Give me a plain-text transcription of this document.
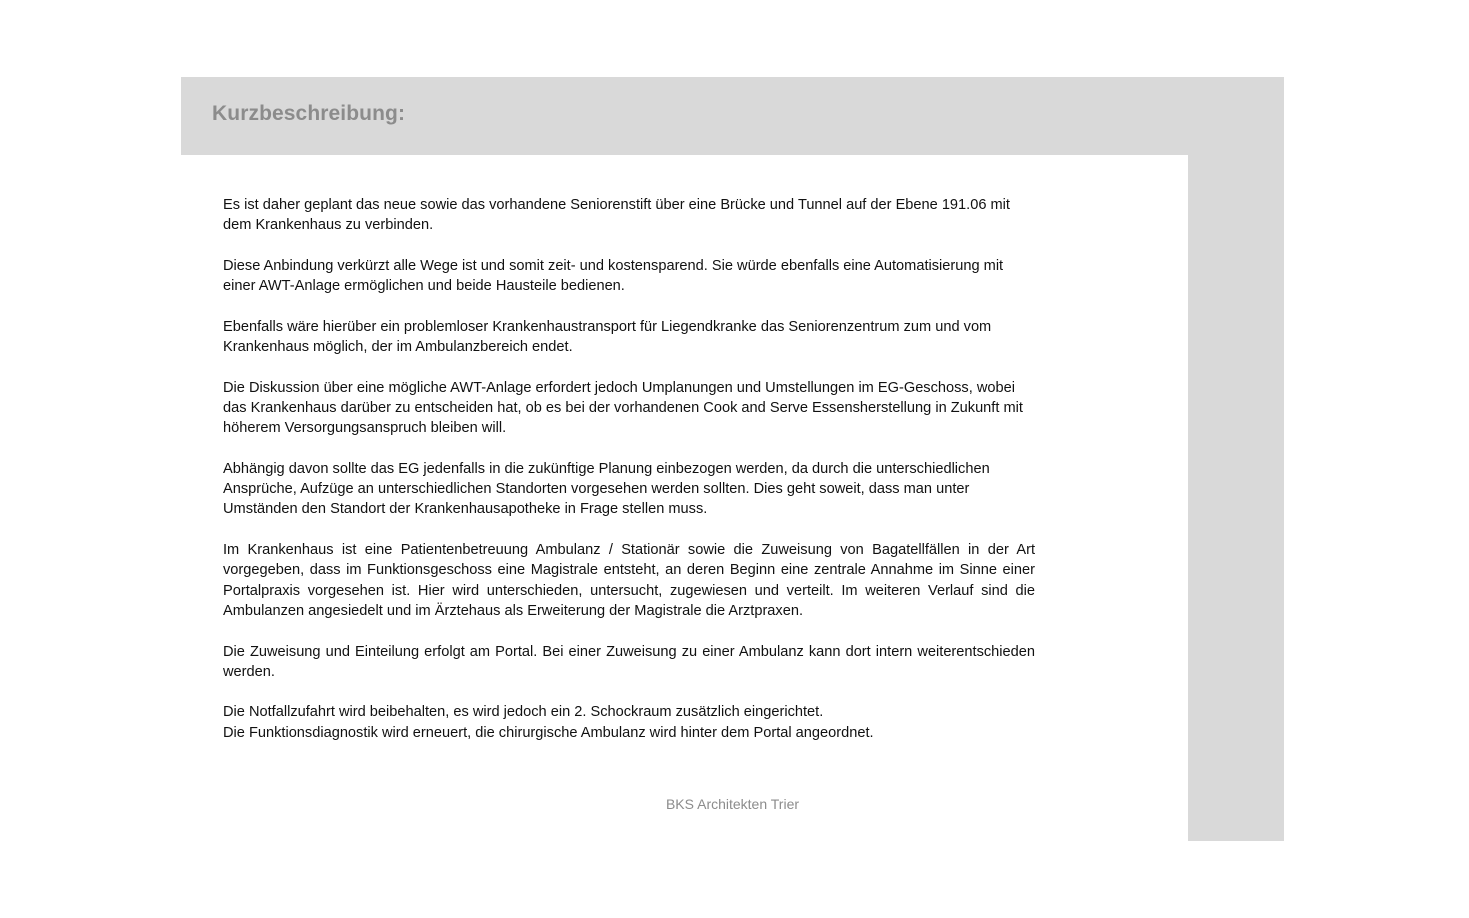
Kurzbeschreibung:

Es ist daher geplant das neue sowie das vorhandene Seniorenstift über eine Brücke und Tunnel auf der Ebene 191.06 mit dem Krankenhaus zu verbinden.

Diese Anbindung verkürzt alle Wege ist und somit zeit- und kostensparend. Sie würde ebenfalls eine Automatisierung mit einer AWT-Anlage ermöglichen und beide Hausteile bedienen.

Ebenfalls wäre hierüber ein problemloser Krankenhaustransport für Liegendkranke das Seniorenzentrum zum und vom Krankenhaus möglich, der im Ambulanzbereich endet.

Die Diskussion über eine mögliche AWT-Anlage erfordert jedoch Umplanungen und Umstellungen im EG-Geschoss, wobei das Krankenhaus darüber zu entscheiden hat, ob es bei der vorhandenen Cook and Serve Essensherstellung in Zukunft mit höherem Versorgungsanspruch bleiben will.

Abhängig davon sollte das EG jedenfalls in die zukünftige Planung einbezogen werden, da durch die unterschiedlichen Ansprüche, Aufzüge an unterschiedlichen Standorten vorgesehen werden sollten. Dies geht soweit, dass man unter Umständen den Standort der Krankenhausapotheke in Frage stellen muss.

Im Krankenhaus ist eine Patientenbetreuung Ambulanz / Stationär sowie die Zuweisung von Bagatellfällen in der Art vorgegeben, dass im Funktionsgeschoss eine Magistrale entsteht, an deren Beginn eine zentrale Annahme im Sinne einer Portalpraxis vorgesehen ist. Hier wird unterschieden, untersucht, zugewiesen und verteilt. Im weiteren Verlauf sind die Ambulanzen angesiedelt und im Ärztehaus als Erweiterung der Magistrale die Arztpraxen.

Die Zuweisung und Einteilung erfolgt am Portal. Bei einer Zuweisung zu einer Ambulanz kann dort intern weiterentschieden werden.

Die Notfallzufahrt wird beibehalten, es wird jedoch ein 2. Schockraum zusätzlich eingerichtet.
Die Funktionsdiagnostik wird erneuert, die chirurgische Ambulanz wird hinter dem Portal angeordnet.
BKS Architekten Trier
